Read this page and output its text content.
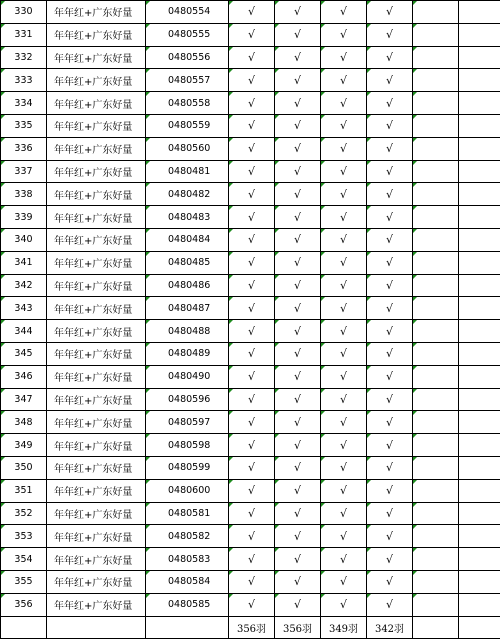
330	年年红+广东好量	0480554	√	√	√	√		
331	年年红+广东好量	0480555	√	√	√	√		
332	年年红+广东好量	0480556	√	√	√	√		
333	年年红+广东好量	0480557	√	√	√	√		
334	年年红+广东好量	0480558	√	√	√	√		
335	年年红+广东好量	0480559	√	√	√	√		
336	年年红+广东好量	0480560	√	√	√	√		
337	年年红+广东好量	0480481	√	√	√	√		
338	年年红+广东好量	0480482	√	√	√	√		
339	年年红+广东好量	0480483	√	√	√	√		
340	年年红+广东好量	0480484	√	√	√	√		
341	年年红+广东好量	0480485	√	√	√	√		
342	年年红+广东好量	0480486	√	√	√	√		
343	年年红+广东好量	0480487	√	√	√	√		
344	年年红+广东好量	0480488	√	√	√	√		
345	年年红+广东好量	0480489	√	√	√	√		
346	年年红+广东好量	0480490	√	√	√	√		
347	年年红+广东好量	0480596	√	√	√	√		
348	年年红+广东好量	0480597	√	√	√	√		
349	年年红+广东好量	0480598	√	√	√	√		
350	年年红+广东好量	0480599	√	√	√	√		
351	年年红+广东好量	0480600	√	√	√	√		
352	年年红+广东好量	0480581	√	√	√	√		
353	年年红+广东好量	0480582	√	√	√	√		
354	年年红+广东好量	0480583	√	√	√	√		
355	年年红+广东好量	0480584	√	√	√	√		
356	年年红+广东好量	0480585	√	√	√	√		
			356羽	356羽	349羽	342羽		
